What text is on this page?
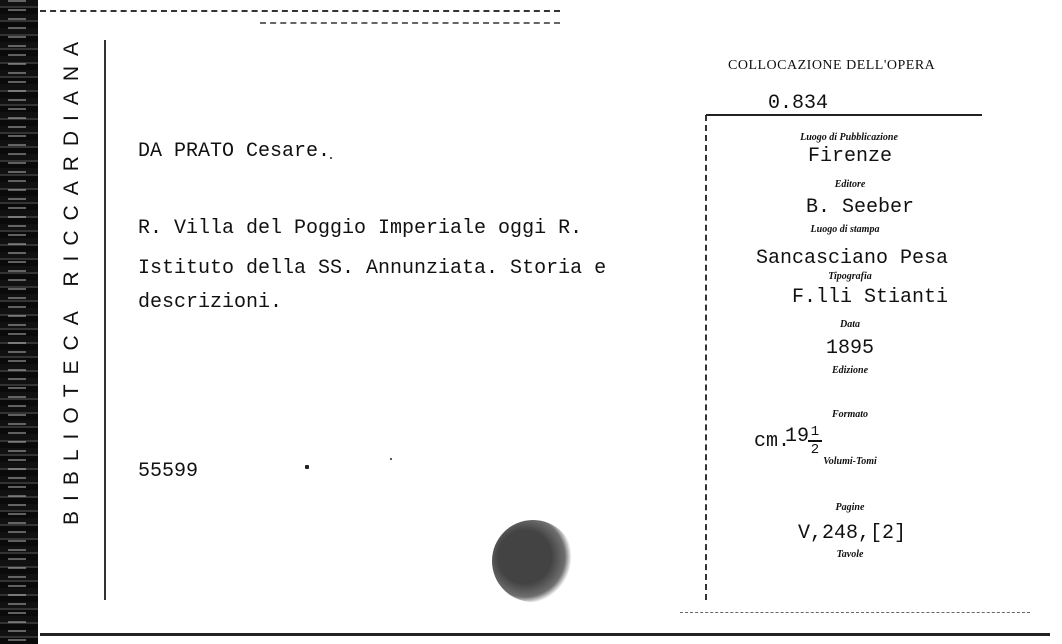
BIBLIOTECA RICCARDIANA	DA PRATO Cesare.
R. Villa del Poggio Imperiale oggi R.
Istituto della SS. Annunziata. Storia e
descrizioni.
55599
COLLOCAZIONE DELL'OPERA
0.834
Luogo di Pubblicazione
Firenze
Editore
B. Seeber
Luogo di stampa
Sancasciano Pesa
Tipografia
F.lli Stianti
Data
1895
Edizione
Formato
cm.
19 1
2
Volumi-Tomi
Pagine
V,248,[2]
Tavole
